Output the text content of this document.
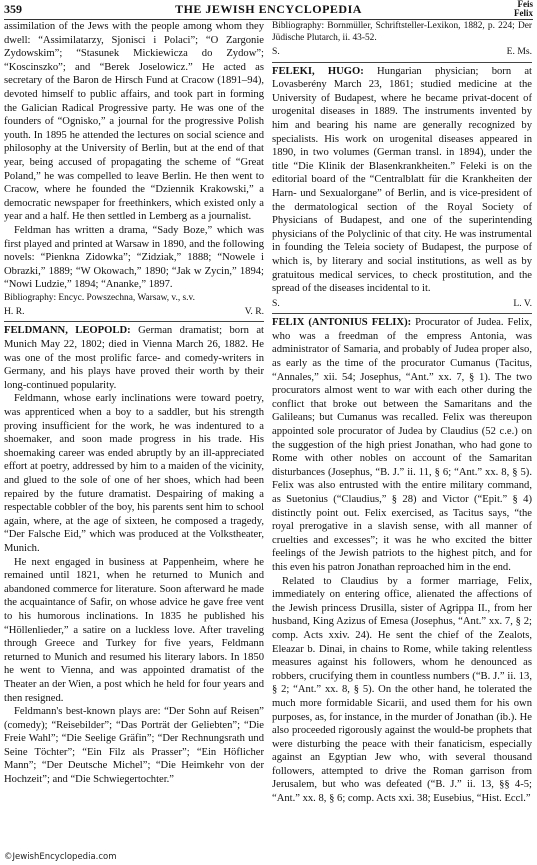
359	THE JEWISH ENCYCLOPEDIA	Feis
Felix

assimilation of the Jews with the people among whom they dwell: “Assimilatarzy, Sjonisci i Polaci”; “O Zargonie Zydowskim”; “Stasunek Mickiewicza do Zydow”; “Koscinszko”; and “Berek Joselowicz.” He acted as secretary of the Baron de Hirsch Fund at Cracow (1891–94), devoted himself to public affairs, and took part in forming the Galician Radical Progressive party. He was one of the founders of “Ognisko,” a journal for the progressive Polish youth. In 1895 he attended the lectures on social science and philosophy at the University of Berlin, but at the end of that year, being accused of propagating the scheme of “Great Poland,” he was compelled to leave Berlin. He then went to Cracow, where he founded the “Dziennik Krakowski,” a democratic newspaper for freethinkers, which existed only a year and a half. He then settled in Lemberg as a journalist.

Feldman has written a drama, “Sady Boze,” which was first played and printed at Warsaw in 1890, and the following novels: “Pienkna Zidowka”; “Zidziak,” 1888; “Nowele i Obrazki,” 1889; “W Okowach,” 1890; “Jak w Zycin,” 1894; “Nowi Ludzie,” 1894; “Ananke,” 1897.

Bibliography: Encyc. Powszechna, Warsaw, v., s.v.

H. R.	V. R.

FELDMANN, LEOPOLD: German dramatist; born at Munich May 22, 1802; died in Vienna March 26, 1882. He was one of the most prolific farce- and comedy-writers in Germany, and his plays have proved their worth by their long-continued popularity.

Feldmann, whose early inclinations were toward poetry, was apprenticed when a boy to a saddler, but his strength proving insufficient for the work, he was indentured to a shoemaker, and soon made progress in his trade. His shoemaking career was ended abruptly by an ill-appreciated effort at poetry, addressed by him to a maiden of the vicinity, and glued to the sole of one of her shoes, which had been repaired by the future dramatist. Despairing of making a respectable cobbler of the boy, his parents sent him to school again, where, at the age of sixteen, he composed a tragedy, “Der Falsche Eid,” which was produced at the Volkstheater, Munich.

He next engaged in business at Pappenheim, where he remained until 1821, when he returned to Munich and abandoned commerce for literature. Soon afterward he made the acquaintance of Safir, on whose advice he gave free vent to his humorous inclinations. In 1835 he published his “Höllenlieder,” a satire on a luckless love. After traveling through Greece and Turkey for five years, Feldmann returned to Munich and resumed his literary labors. In 1850 he went to Vienna, and was appointed dramatist of the Theater an der Wien, a post which he held for four years and then resigned.

Feldmann's best-known plays are: “Der Sohn auf Reisen” (comedy); “Reisebilder”; “Das Porträt der Geliebten”; “Die Freie Wahl”; “Die Seelige Gräfin”; “Der Rechnungsrath und Seine Töchter”; “Ein Filz als Prasser”; “Ein Höflicher Mann”; “Der Deutsche Michel”; “Die Heimkehr von der Hochzeit”; and “Die Schwiegertochter.”

Bibliography: Bornmüller, Schriftsteller-Lexikon, 1882, p. 224; Der Jüdische Plutarch, ii. 43-52.

S.	E. Ms.

FELEKI, HUGO: Hungarian physician; born at Lovasberény March 23, 1861; studied medicine at the University of Budapest, where he became privat-docent of urogenital diseases in 1889. The instruments invented by him and bearing his name are generally recognized by specialists. His work on urogenital diseases appeared in 1890, in two volumes (German transl. in 1894), under the title “Die Klinik der Blasenkrankheiten.” Feleki is on the editorial board of the “Centralblatt für die Krankheiten der Harn- und Sexualorgane” of Berlin, and is vice-president of the dermatological section of the Royal Society of Physicians of Budapest, and one of the superintending physicians of the Polyclinic of that city. He was instrumental in founding the Teleia society of Budapest, the purpose of which is, by literary and social institutions, as well as by gratuitous medical services, to check prostitution, and the spread of the diseases incidental to it.

S.	L. V.

FELIX (ANTONIUS FELIX): Procurator of Judea. Felix, who was a freedman of the empress Antonia, was administrator of Samaria, and probably of Judea proper also, as early as the time of the procurator Cumanus (Tacitus, “Annales,” xii. 54; Josephus, “Ant.” xx. 7, § 1). The two procurators almost went to war with each other during the conflict that broke out between the Samaritans and the Galileans; but Cumanus was recalled. Felix was thereupon appointed sole procurator of Judea by Claudius (52 c.e.) on the suggestion of the high priest Jonathan, who had gone to Rome with other nobles on account of the Samaritan disturbances (Josephus, “B. J.” ii. 11, § 6; “Ant.” xx. 8, § 5). Felix was also entrusted with the entire military command, as Suetonius (“Claudius,” § 28) and Victor (“Epit.” § 4) distinctly point out. Felix exercised, as Tacitus says, “the royal prerogative in a slavish sense, with all manner of cruelties and excesses”; it was he who excited the bitter feelings of the Jewish patriots to the highest pitch, and for this even his patron Jonathan reproached him in the end.

Related to Claudius by a former marriage, Felix, immediately on entering office, alienated the affections of the Jewish princess Drusilla, sister of Agrippa II., from her husband, King Azizus of Emesa (Josephus, “Ant.” xx. 7, § 2; comp. Acts xxiv. 24). He sent the chief of the Zealots, Eleazar b. Dinai, in chains to Rome, while taking relentless measures against his followers, whom he denounced as robbers, crucifying them in countless numbers (“B. J.” ii. 13, § 2; “Ant.” xx. 8, § 5). On the other hand, he tolerated the much more formidable Sicarii, and used them for his own purposes, as, for instance, in the murder of Jonathan (ib.). He also proceeded rigorously against the would-be prophets that were disturbing the peace with their fanaticism, especially against an Egyptian Jew who, with several thousand followers, attempted to drive the Roman garrison from Jerusalem, but who was defeated (“B. J.” ii. 13, §§ 4-5; “Ant.” xx. 8, § 6; comp. Acts xxi. 38; Eusebius, “Hist. Eccl.”

©JewishEncyclopedia.com
